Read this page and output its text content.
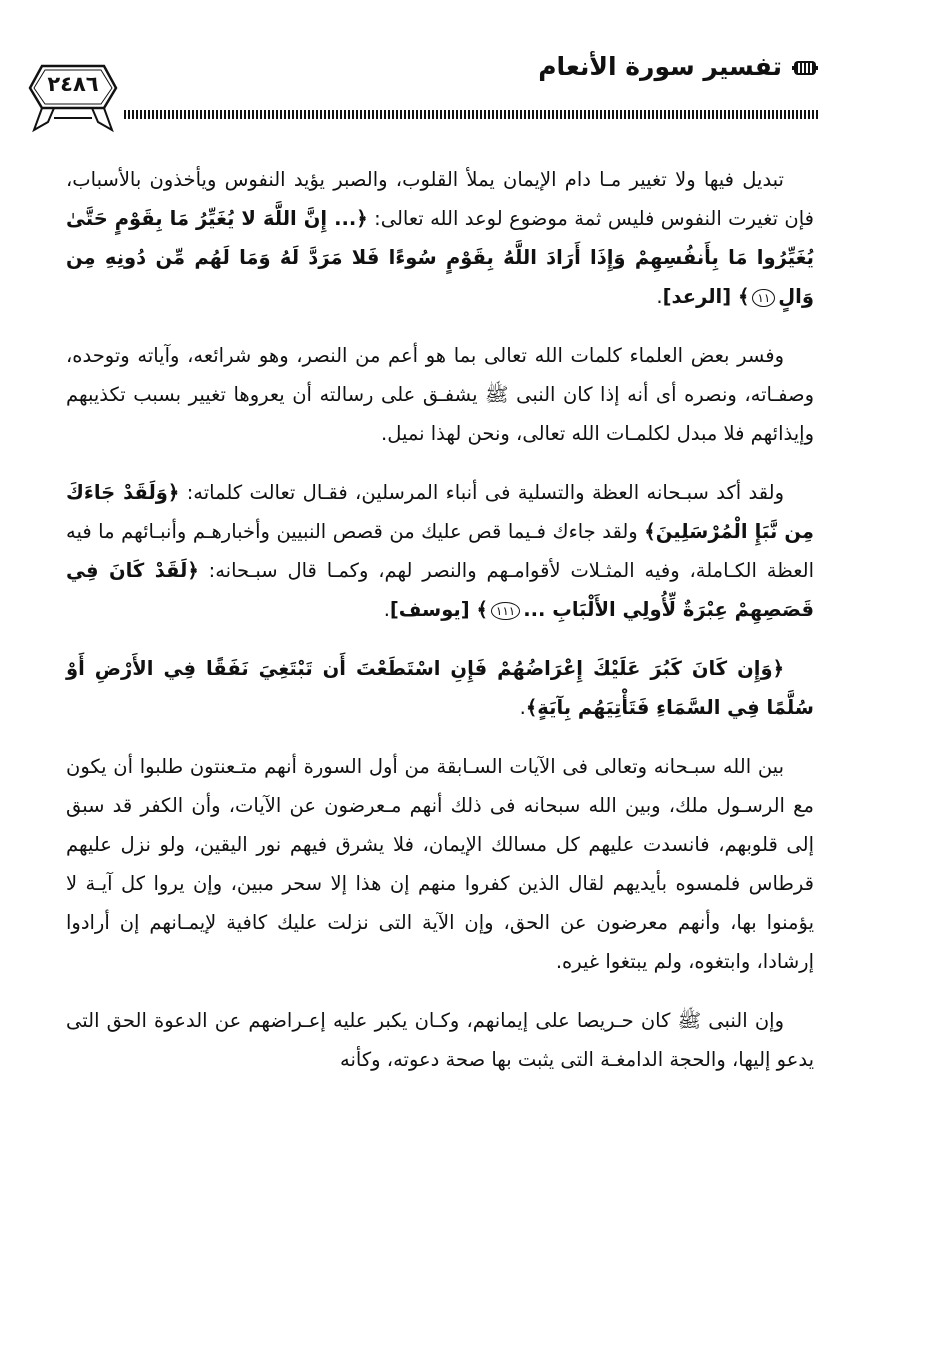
تفسير سورة الأنعام
٢٤٨٦

تبديل فيها ولا تغيير مـا دام الإيمان يملأ القلوب، والصبر يؤيد النفوس ويأخذون بالأسباب، فإن تغيرت النفوس فليس ثمة موضوع لوعد الله تعالى: ﴿... إِنَّ اللَّهَ لا يُغَيِّرُ مَا بِقَوْمٍ حَتَّىٰ يُغَيِّرُوا مَا بِأَنفُسِهِمْ وَإِذَا أَرَادَ اللَّهُ بِقَوْمٍ سُوءًا فَلا مَرَدَّ لَهُ وَمَا لَهُم مِّن دُونِهِ مِن وَالٍ١١﴾ [الرعد].

وفسر بعض العلماء كلمات الله تعالى بما هو أعم من النصر، وهو شرائعه، وآياته وتوحده، وصفـاته، ونصره أى أنه إذا كان النبى ﷺ يشفـق على رسالته أن يعروها تغيير بسبب تكذيبهم وإيذائهم فلا مبدل لكلمـات الله تعالى، ونحن لهذا نميل.

ولقد أكد سبـحانه العظة والتسلية فى أنباء المرسلين، فقـال تعالت كلماته: ﴿وَلَقَدْ جَاءَكَ مِن نَّبَإِ الْمُرْسَلِينَ﴾ ولقد جاءك فـيما قص عليك من قصص النبيين وأخبارهـم وأنبـائهم ما فيه العظة الكـاملة، وفيه المثـلات لأقوامـهم والنصر لهم، وكمـا قال سبـحانه: ﴿لَقَدْ كَانَ فِي قَصَصِهِمْ عِبْرَةٌ لِّأُولِي الأَلْبَابِ ...١١١﴾ [يوسف].

﴿وَإِن كَانَ كَبُرَ عَلَيْكَ إِعْرَاضُهُمْ فَإِنِ اسْتَطَعْتَ أَن تَبْتَغِيَ نَفَقًا فِي الأَرْضِ أَوْ سُلَّمًا فِي السَّمَاءِ فَتَأْتِيَهُم بِآيَةٍ﴾.

بين الله سبـحانه وتعالى فى الآيات السـابقة من أول السورة أنهم متـعنتون طلبوا أن يكون مع الرسـول ملك، وبين الله سبحانه فى ذلك أنهم مـعرضون عن الآيات، وأن الكفر قد سبق إلى قلوبهم، فانسدت عليهم كل مسالك الإيمان، فلا يشرق فيهم نور اليقين، ولو نزل عليهم قرطاس فلمسوه بأيديهم لقال الذين كفروا منهم إن هذا إلا سحر مبين، وإن يروا كل آيـة لا يؤمنوا بها، وأنهم معرضون عن الحق، وإن الآية التى نزلت عليك كافية لإيمـانهم إن أرادوا إرشادا، وابتغوه، ولم يبتغوا غيره.

وإن النبى ﷺ كان حـريصا على إيمانهم، وكـان يكبر عليه إعـراضهم عن الدعوة الحق التى يدعو إليها، والحجة الدامغـة التى يثبت بها صحة دعوته، وكأنه
